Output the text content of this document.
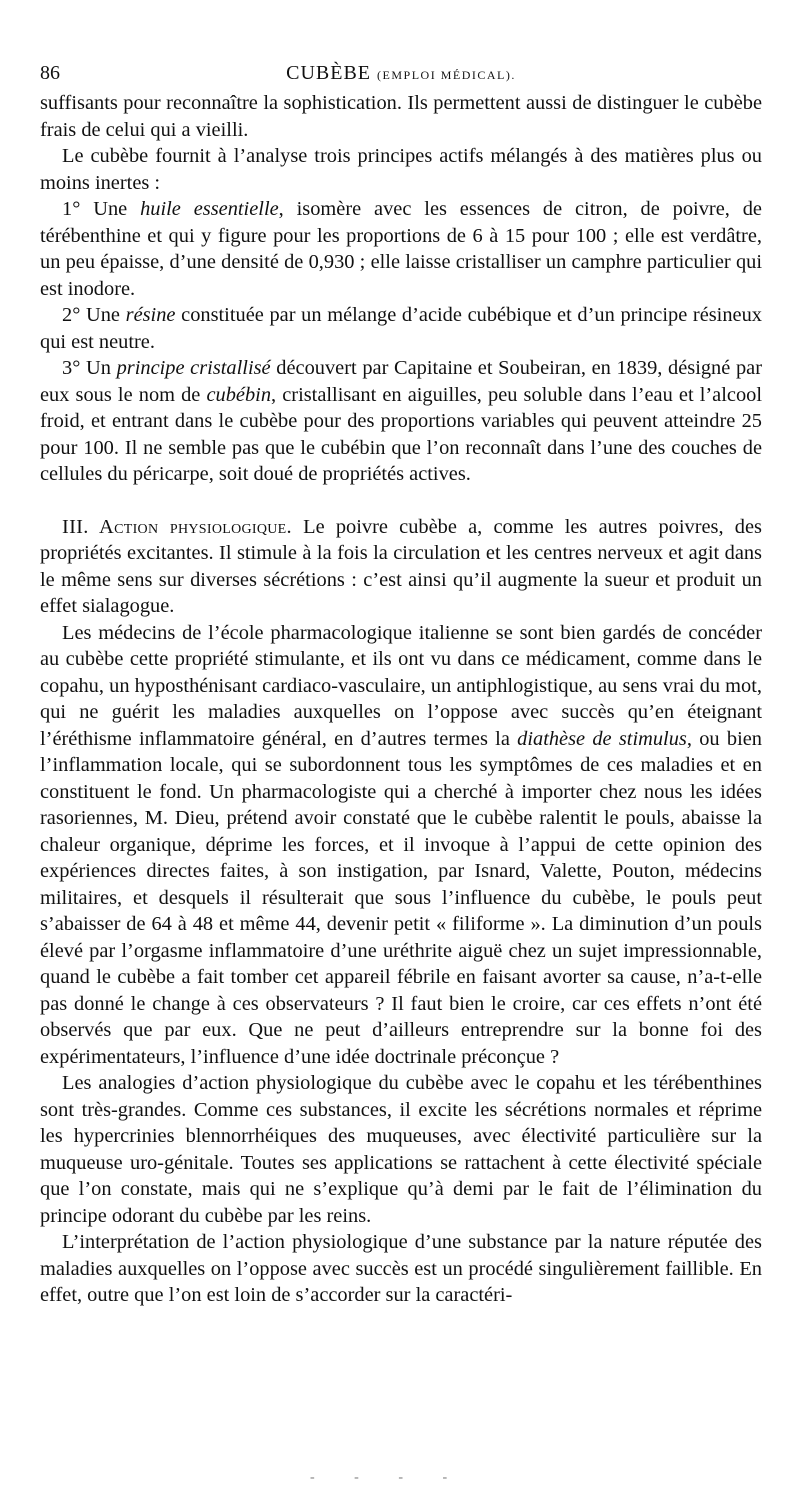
86	CUBÈBE (EMPLOI MÉDICAL).

suffisants pour reconnaître la sophistication. Ils permettent aussi de distinguer le cubèbe frais de celui qui a vieilli.

Le cubèbe fournit à l’analyse trois principes actifs mélangés à des matières plus ou moins inertes :

1° Une huile essentielle, isomère avec les essences de citron, de poivre, de térébenthine et qui y figure pour les proportions de 6 à 15 pour 100 ; elle est verdâtre, un peu épaisse, d’une densité de 0,930 ; elle laisse cristalliser un camphre particulier qui est inodore.

2° Une résine constituée par un mélange d’acide cubébique et d’un principe résineux qui est neutre.

3° Un principe cristallisé découvert par Capitaine et Soubeiran, en 1839, désigné par eux sous le nom de cubébin, cristallisant en aiguilles, peu soluble dans l’eau et l’alcool froid, et entrant dans le cubèbe pour des proportions variables qui peuvent atteindre 25 pour 100. Il ne semble pas que le cubébin que l’on reconnaît dans l’une des couches de cellules du péricarpe, soit doué de propriétés actives.

III. Action physiologique. Le poivre cubèbe a, comme les autres poivres, des propriétés excitantes. Il stimule à la fois la circulation et les centres nerveux et agit dans le même sens sur diverses sécrétions : c’est ainsi qu’il augmente la sueur et produit un effet sialagogue.

Les médecins de l’école pharmacologique italienne se sont bien gardés de concéder au cubèbe cette propriété stimulante, et ils ont vu dans ce médicament, comme dans le copahu, un hyposthénisant cardiaco-vasculaire, un antiphlogistique, au sens vrai du mot, qui ne guérit les maladies auxquelles on l’oppose avec succès qu’en éteignant l’éréthisme inflammatoire général, en d’autres termes la diathèse de stimulus, ou bien l’inflammation locale, qui se subordonnent tous les symptômes de ces maladies et en constituent le fond. Un pharmacologiste qui a cherché à importer chez nous les idées rasoriennes, M. Dieu, prétend avoir constaté que le cubèbe ralentit le pouls, abaisse la chaleur organique, déprime les forces, et il invoque à l’appui de cette opinion des expériences directes faites, à son instigation, par Isnard, Valette, Pouton, médecins militaires, et desquels il résulterait que sous l’influence du cubèbe, le pouls peut s’abaisser de 64 à 48 et même 44, devenir petit « filiforme ». La diminution d’un pouls élevé par l’orgasme inflammatoire d’une uréthrite aiguë chez un sujet impressionnable, quand le cubèbe a fait tomber cet appareil fébrile en faisant avorter sa cause, n’a-t-elle pas donné le change à ces observateurs ? Il faut bien le croire, car ces effets n’ont été observés que par eux. Que ne peut d’ailleurs entreprendre sur la bonne foi des expérimentateurs, l’influence d’une idée doctrinale préconçue ?

Les analogies d’action physiologique du cubèbe avec le copahu et les térébenthines sont très-grandes. Comme ces substances, il excite les sécrétions normales et réprime les hypercrinies blennorrhéiques des muqueuses, avec électivité particulière sur la muqueuse uro-génitale. Toutes ses applications se rattachent à cette électivité spéciale que l’on constate, mais qui ne s’explique qu’à demi par le fait de l’élimination du principe odorant du cubèbe par les reins.

L’interprétation de l’action physiologique d’une substance par la nature réputée des maladies auxquelles on l’oppose avec succès est un procédé singulièrement faillible. En effet, outre que l’on est loin de s’accorder sur la caractéri-

- - - -
